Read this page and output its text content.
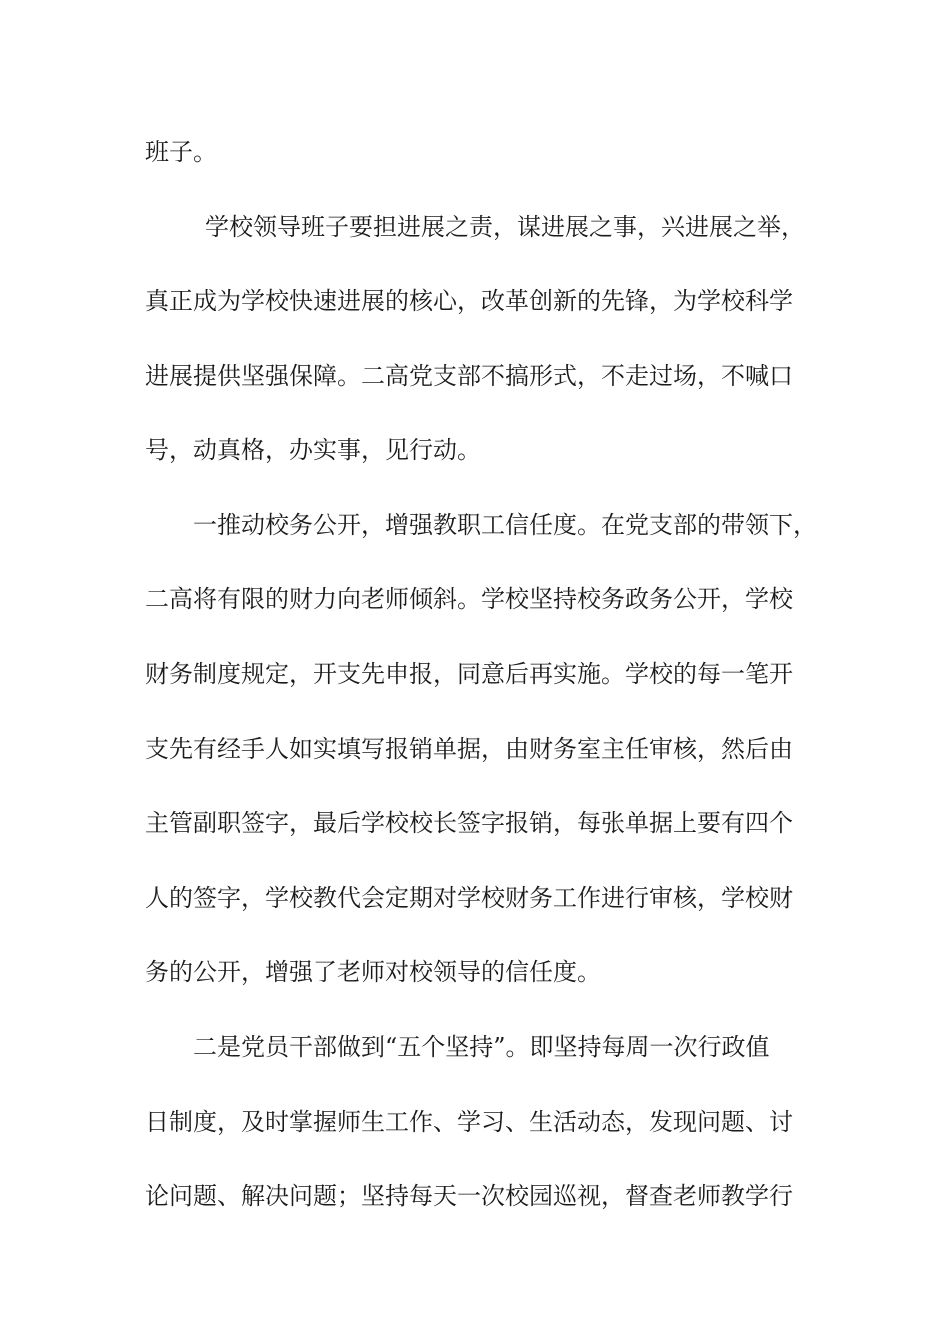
班子。

学校领导班子要担进展之责，谋进展之事，兴进展之举，

真正成为学校快速进展的核心，改革创新的先锋，为学校科学

进展提供坚强保障。二高党支部不搞形式，不走过场，不喊口

号，动真格，办实事，见行动。

一推动校务公开，增强教职工信任度。在党支部的带领下，

二高将有限的财力向老师倾斜。学校坚持校务政务公开，学校

财务制度规定，开支先申报，同意后再实施。学校的每一笔开

支先有经手人如实填写报销单据，由财务室主任审核，然后由

主管副职签字，最后学校校长签字报销，每张单据上要有四个

人的签字，学校教代会定期对学校财务工作进行审核，学校财

务的公开，增强了老师对校领导的信任度。

二是党员干部做到“五个坚持”。即坚持每周一次行政值

日制度，及时掌握师生工作、学习、生活动态，发现问题、讨

论问题、解决问题；坚持每天一次校园巡视，督查老师教学行
